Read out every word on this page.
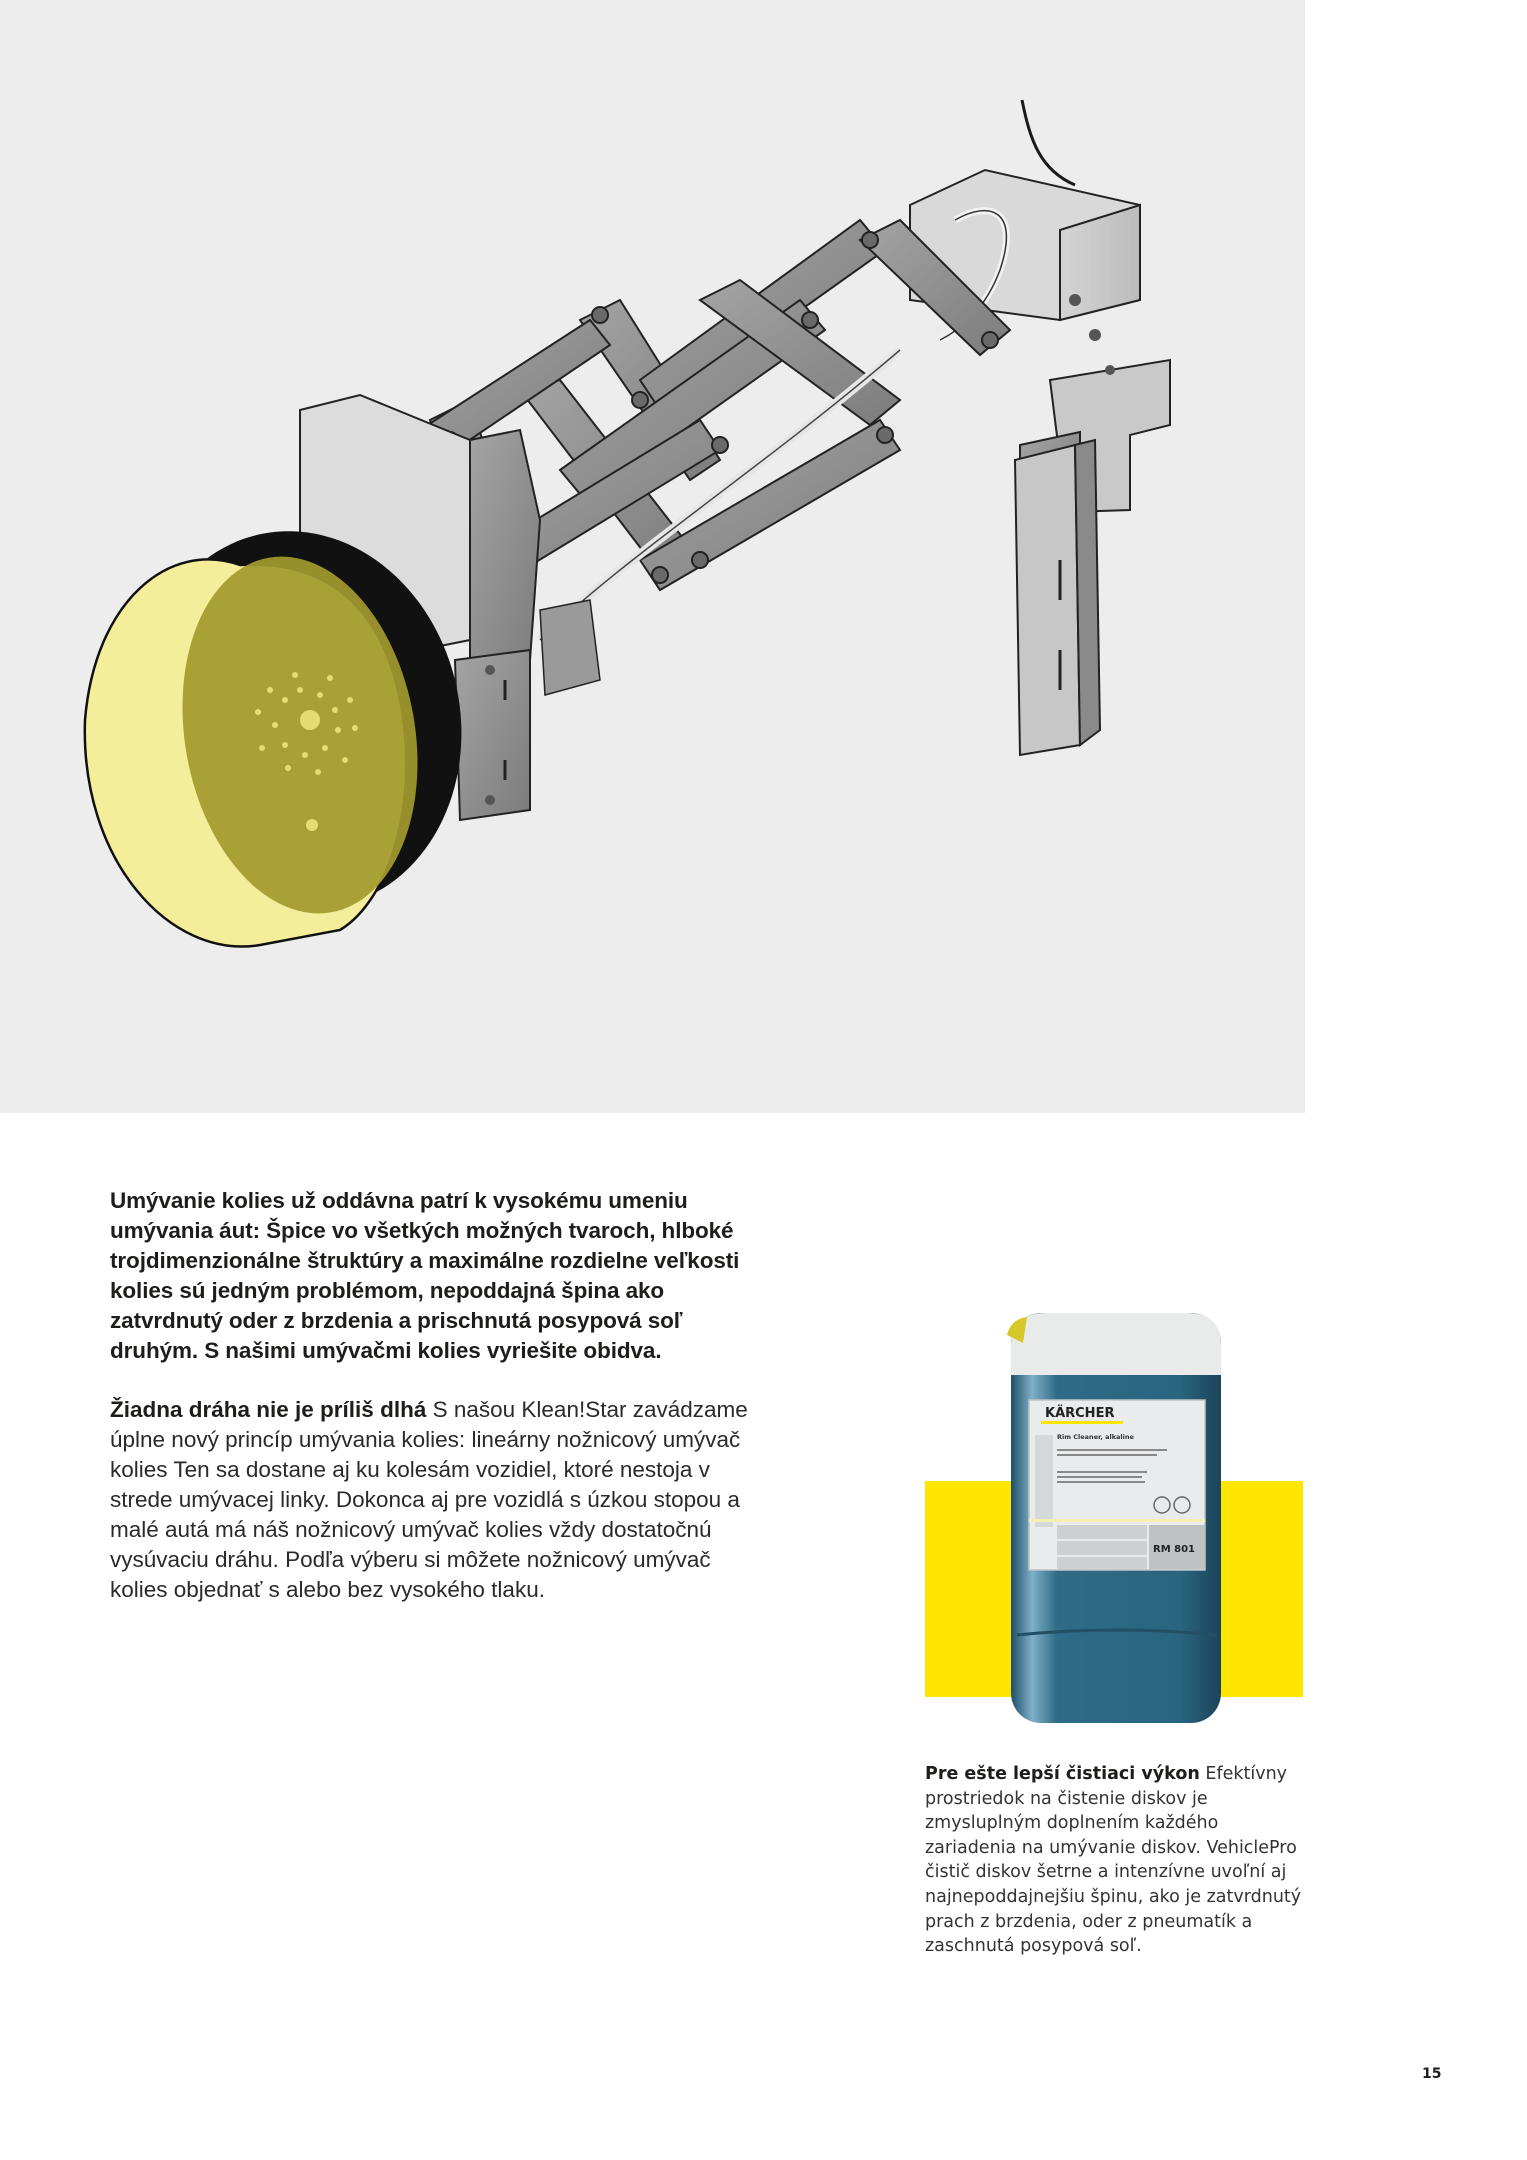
Umývanie kolies už oddávna patrí k vysokému umeniu umývania áut: Špice vo všetkých možných tvaroch, hlboké trojdimenzionálne štruktúry a maximálne rozdielne veľkosti kolies sú jedným problémom, nepoddajná špina ako zatvrdnutý oder z brzdenia a prischnutá posypová soľ druhým. S našimi umývačmi kolies vyriešite obidva.

Žiadna dráha nie je príliš dlhá S našou Klean!Star zavádzame úplne nový princíp umývania kolies: lineárny nožnicový umývač kolies Ten sa dostane aj ku kolesám vozidiel, ktoré nestoja v strede umývacej linky. Dokonca aj pre vozidlá s úzkou stopou a malé autá má náš nožnicový umývač kolies vždy dostatočnú vysúvaciu dráhu. Podľa výberu si môžete nožnicový umývač kolies objednať s alebo bez vysokého tlaku.

KÄRCHER
Rim Cleaner, alkaline
RM 801
Pre ešte lepší čistiaci výkon Efektívny prostriedok na čistenie diskov je zmysluplným doplnením každého zariadenia na umývanie diskov. VehiclePro čistič diskov šetrne a intenzívne uvoľní aj najnepoddajnejšiu špinu, ako je zatvrdnutý prach z brzdenia, oder z pneumatík a zaschnutá posypová soľ.
15
